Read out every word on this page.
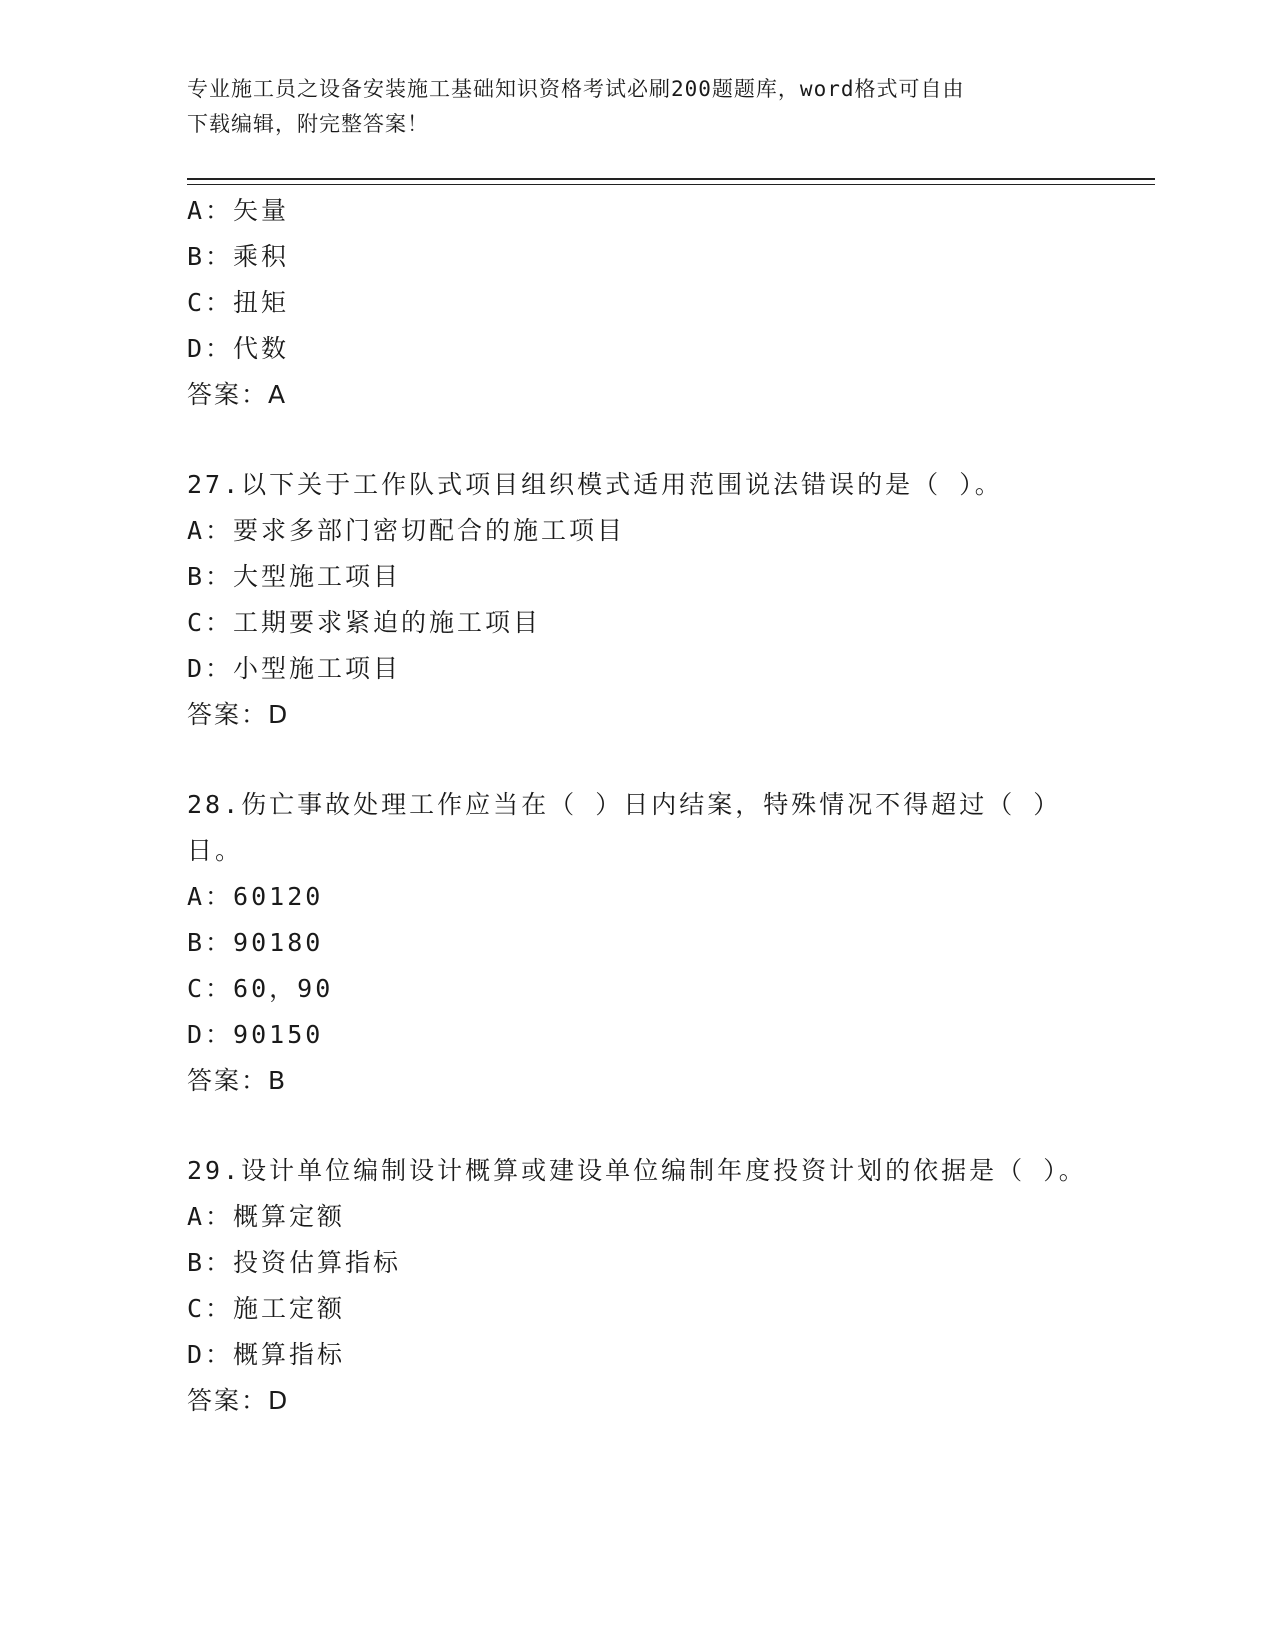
专业施工员之设备安装施工基础知识资格考试必刷200题题库，word格式可自由
下载编辑，附完整答案！
A：矢量
B：乘积
C：扭矩
D：代数
答案：A
27.以下关于工作队式项目组织模式适用范围说法错误的是（ ）。
A：要求多部门密切配合的施工项目
B：大型施工项目
C：工期要求紧迫的施工项目
D：小型施工项目
答案：D
28.伤亡事故处理工作应当在（ ）日内结案，特殊情况不得超过（ ）日。
A：60120
B：90180
C：60，90
D：90150
答案：B
29.设计单位编制设计概算或建设单位编制年度投资计划的依据是（ ）。
A：概算定额
B：投资估算指标
C：施工定额
D：概算指标
答案：D
